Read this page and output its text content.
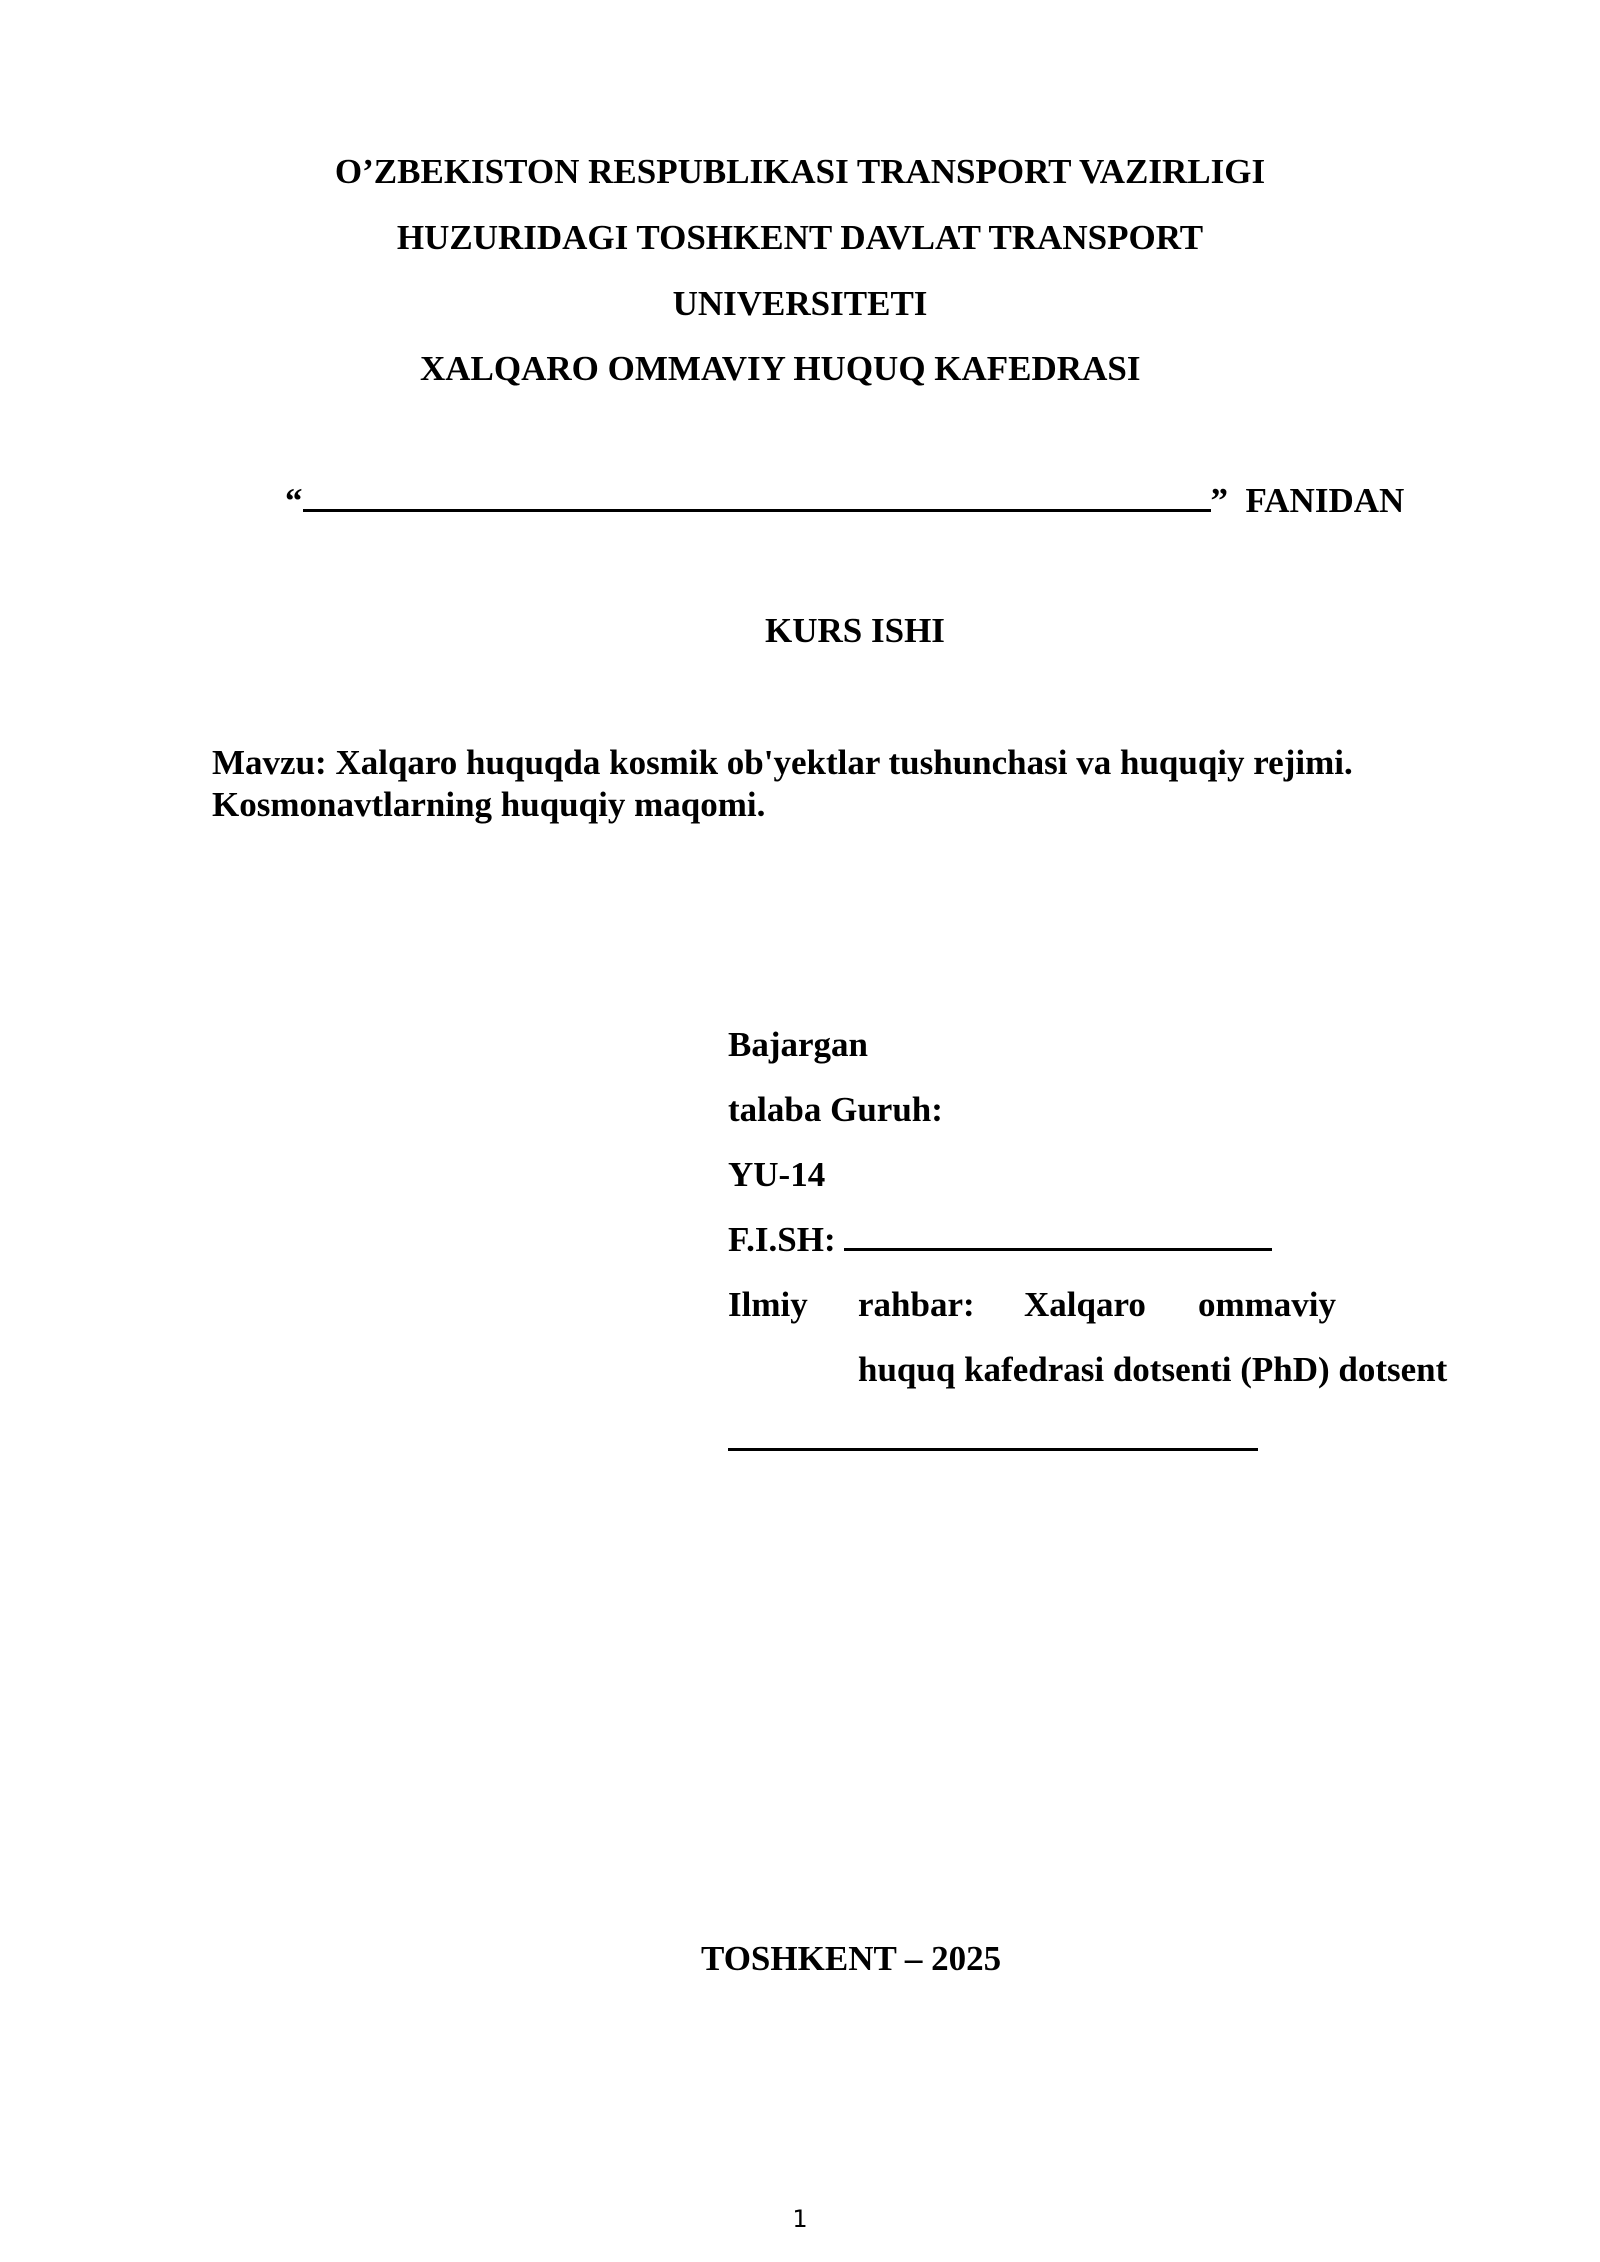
O’ZBEKISTON RESPUBLIKASI TRANSPORT VAZIRLIGI
HUZURIDAGI TOSHKENT DAVLAT TRANSPORT
UNIVERSITETI
XALQARO OMMAVIY HUQUQ KAFEDRASI
“	” FANIDAN
KURS ISHI
Mavzu: Xalqaro huquqda kosmik ob'yektlar tushunchasi va huquqiy rejimi.
Kosmonavtlarning huquqiy maqomi.
Bajargan
talaba Guruh:
YU-14
F.I.SH:
Ilmiy rahbar: Xalqaro ommaviy
huquq kafedrasi dotsenti (PhD) dotsent
TOSHKENT – 2025
1
